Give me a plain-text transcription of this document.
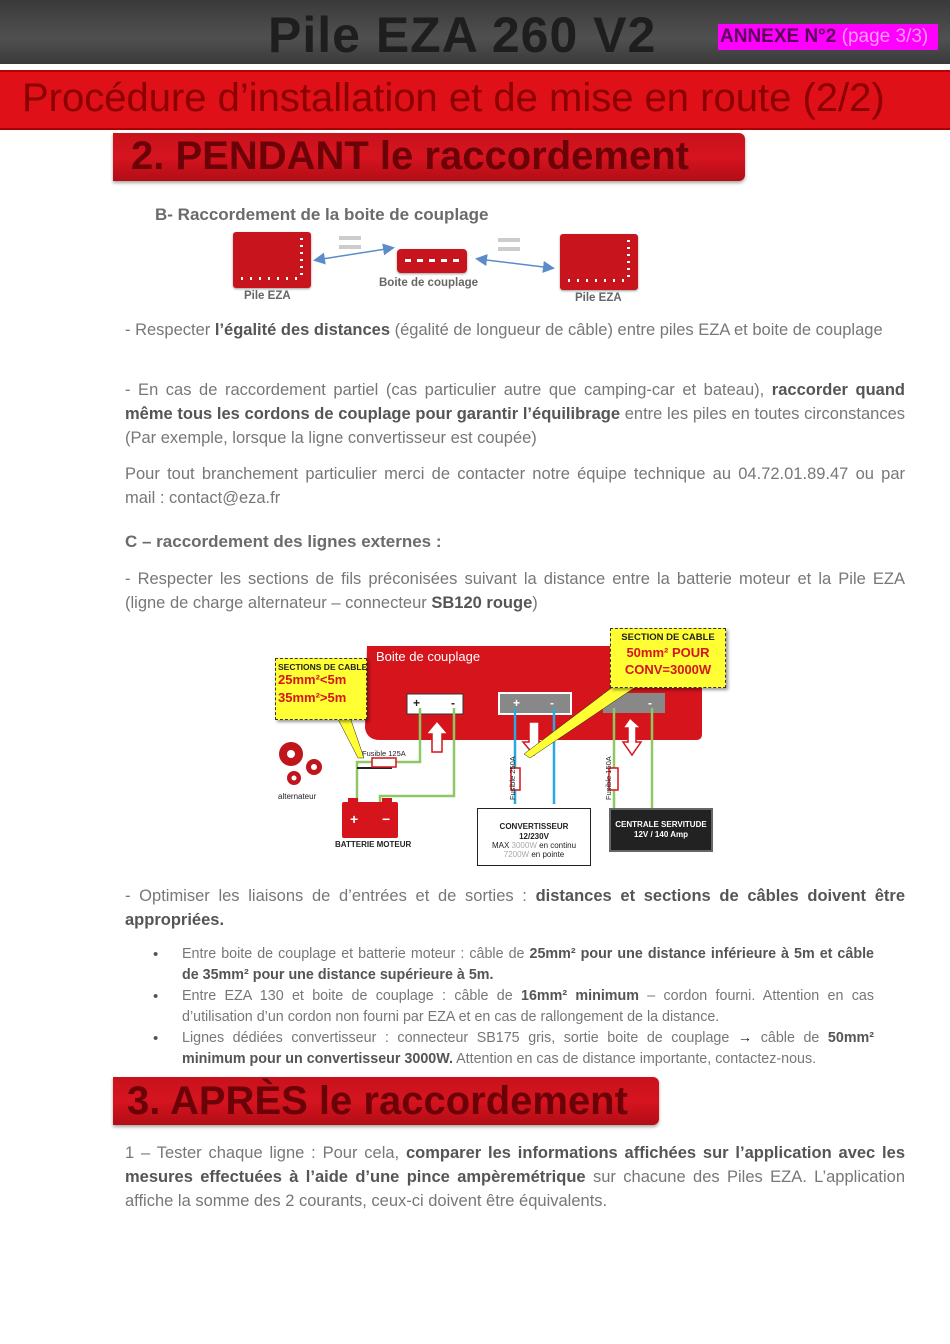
Pile EZA 260 V2	ANNEXE N°2 (page 3/3)
Procédure d’installation et de mise en route (2/2)
2. PENDANT le raccordement
B- Raccordement de la boite de couplage
Pile EZA
Boite de couplage
Pile EZA
- Respecter l’égalité des distances (égalité de longueur de câble) entre piles EZA et boite de couplage
- En cas de raccordement partiel (cas particulier autre que camping-car et bateau), raccorder quand même tous les cordons de couplage pour garantir l’équilibrage entre les piles en toutes circonstances (Par exemple, lorsque la ligne convertisseur est coupée)
Pour tout branchement particulier merci de contacter notre équipe technique au 04.72.01.89.47 ou par mail : contact@eza.fr
C – raccordement des lignes externes :
- Respecter les sections de fils préconisées suivant la distance entre la batterie moteur et la Pile EZA (ligne de charge alternateur – connecteur SB120 rouge)
+ −
Boite de couplage
+	-	+ -	-
SECTIONS DE CABLE
25mm²<5m
35mm²>5m
SECTION DE CABLE
50mm² POUR
CONV=3000W
Fusible 125A
Fusible 250A	Fusible 150A
alternateur
BATTERIE MOTEUR
CONVERTISSEUR
12/230V
MAX 3000W en continu
7200W en pointe
CENTRALE SERVITUDE
12V / 140 Amp
- Optimiser les liaisons de d’entrées et de sorties : distances et sections de câbles doivent être appropriées.
• Entre boite de couplage et batterie moteur : câble de 25mm² pour une distance inférieure à 5m et câble de 35mm² pour une distance supérieure à 5m.
• Entre EZA 130 et boite de couplage : câble de 16mm² minimum – cordon fourni. Attention en cas d’utilisation d’un cordon non fourni par EZA et en cas de rallongement de la distance.
• Lignes dédiées convertisseur : connecteur SB175 gris, sortie boite de couplage → câble de 50mm² minimum pour un convertisseur 3000W. Attention en cas de distance importante, contactez-nous.
3. APRÈS le raccordement
1 – Tester chaque ligne : Pour cela, comparer les informations affichées sur l’application avec les mesures effectuées à l’aide d’une pince ampèremétrique sur chacune des Piles EZA. L’application affiche la somme des 2 courants, ceux-ci doivent être équivalents.
